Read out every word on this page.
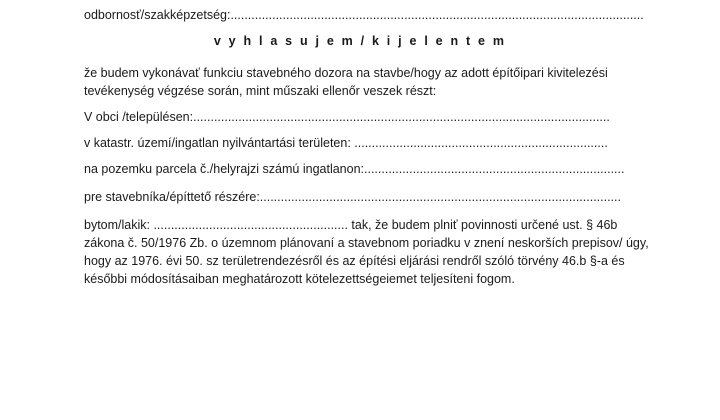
odbornosť/szakképzetség:.......................................................................................................................

v y h l a s u j e m / k i j e l e n t e m

že budem vykonávať funkciu stavebného dozora na stavbe/hogy az adott építőipari kivitelezési

tevékenység végzése során, mint műszaki ellenőr veszek részt:

V obci /településen:........................................................................................................................

v katastr. území/ingatlan nyilvántartási területen: .........................................................................

na pozemku parcela č./helyrajzi számú ingatlanon:...........................................................................

pre stavebníka/építtető részére:........................................................................................................

bytom/lakik: ........................................................ tak, že budem plniť povinnosti určené ust. § 46b

zákona č. 50/1976 Zb. o územnom plánovaní a stavebnom poriadku v znení neskorších prepisov/ úgy,

hogy az 1976. évi 50. sz területrendezésről és az építési eljárási rendről szóló törvény 46.b §-a és

későbbi módosításaiban meghatározott kötelezettségeiemet teljesíteni fogom.
